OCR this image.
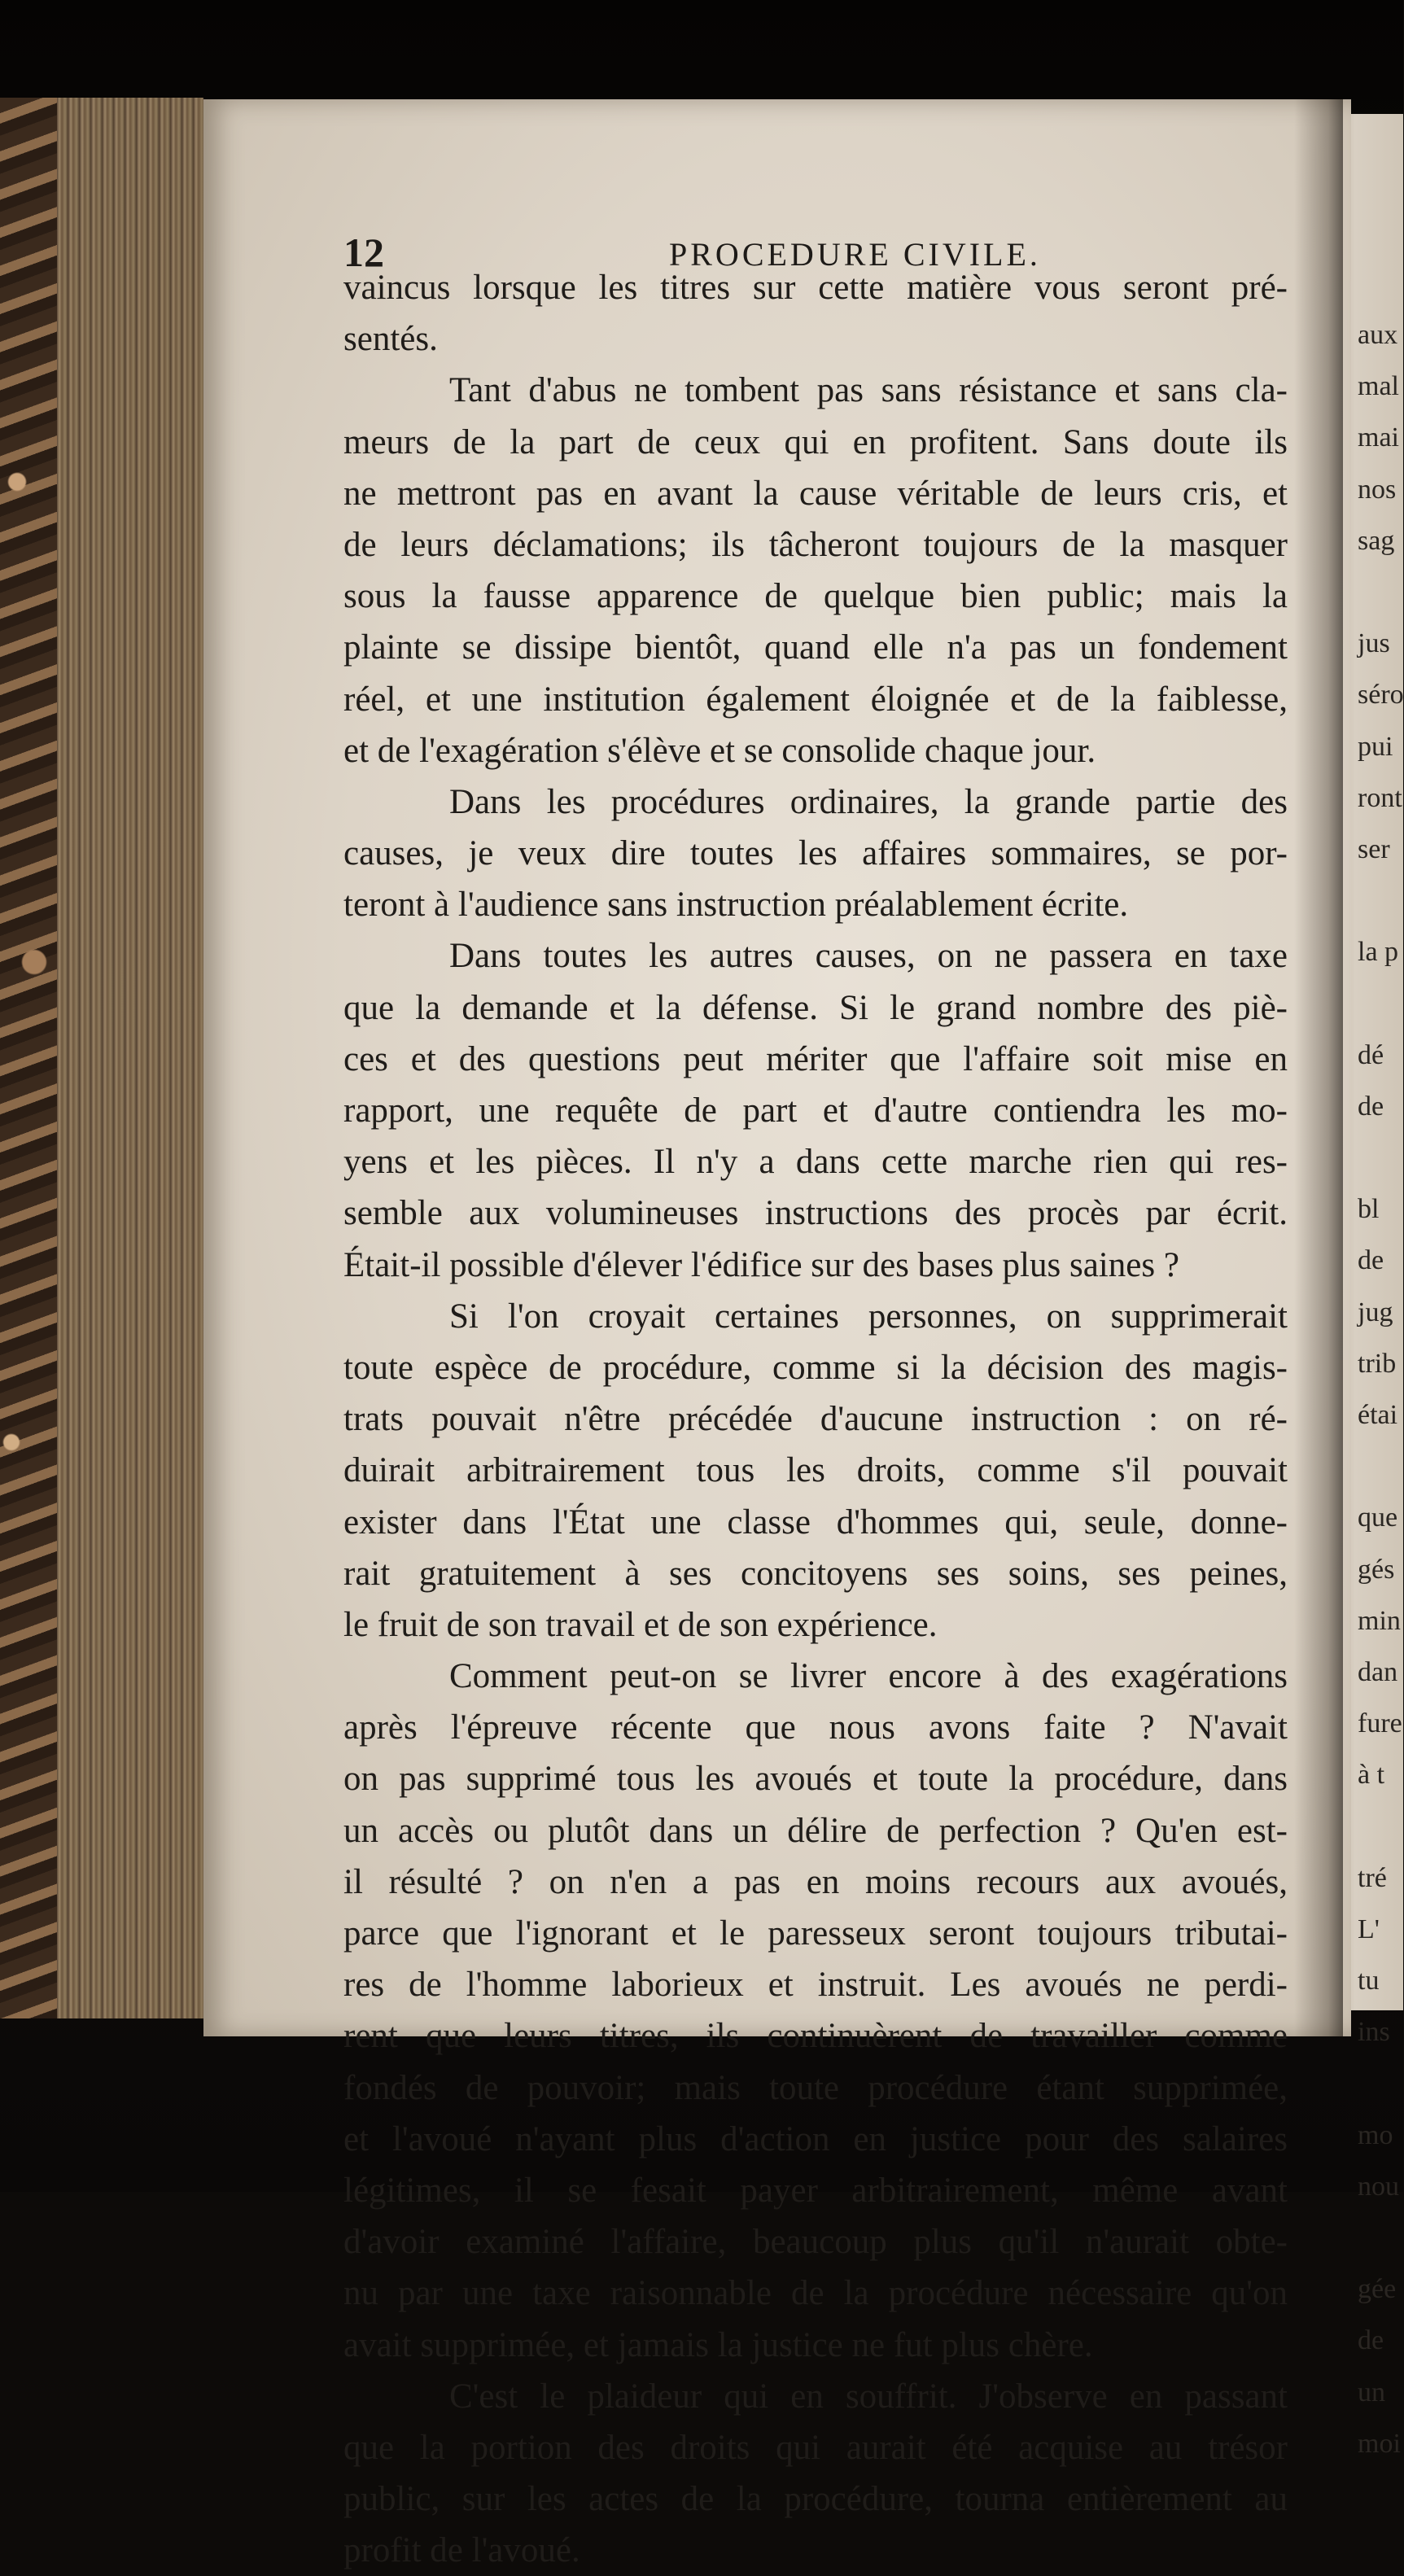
12	PROCEDURE CIVILE.
vaincus lorsque les titres sur cette matière vous seront pré-
sentés.
Tant d'abus ne tombent pas sans résistance et sans cla-
meurs de la part de ceux qui en profitent. Sans doute ils
ne mettront pas en avant la cause véritable de leurs cris, et
de leurs déclamations; ils tâcheront toujours de la masquer
sous la fausse apparence de quelque bien public; mais la
plainte se dissipe bientôt, quand elle n'a pas un fondement
réel, et une institution également éloignée et de la faiblesse,
et de l'exagération s'élève et se consolide chaque jour.
Dans les procédures ordinaires, la grande partie des
causes, je veux dire toutes les affaires sommaires, se por-
teront à l'audience sans instruction préalablement écrite.
Dans toutes les autres causes, on ne passera en taxe
que la demande et la défense. Si le grand nombre des piè-
ces et des questions peut mériter que l'affaire soit mise en
rapport, une requête de part et d'autre contiendra les mo-
yens et les pièces. Il n'y a dans cette marche rien qui res-
semble aux volumineuses instructions des procès par écrit.
Était-il possible d'élever l'édifice sur des bases plus saines ?
Si l'on croyait certaines personnes, on supprimerait
toute espèce de procédure, comme si la décision des magis-
trats pouvait n'être précédée d'aucune instruction : on ré-
duirait arbitrairement tous les droits, comme s'il pouvait
exister dans l'État une classe d'hommes qui, seule, donne-
rait gratuitement à ses concitoyens ses soins, ses peines,
le fruit de son travail et de son expérience.
Comment peut-on se livrer encore à des exagérations
après l'épreuve récente que nous avons faite ? N'avait
on pas supprimé tous les avoués et toute la procédure, dans
un accès ou plutôt dans un délire de perfection ? Qu'en est-
il résulté ? on n'en a pas en moins recours aux avoués,
parce que l'ignorant et le paresseux seront toujours tributai-
res de l'homme laborieux et instruit. Les avoués ne perdi-
rent que leurs titres, ils continuèrent de travailler comme
fondés de pouvoir; mais toute procédure étant supprimée,
et l'avoué n'ayant plus d'action en justice pour des salaires
légitimes, il se fesait payer arbitrairement, même avant
d'avoir examiné l'affaire, beaucoup plus qu'il n'aurait obte-
nu par une taxe raisonnable de la procédure nécessaire qu'on
avait supprimée, et jamais la justice ne fut plus chère.
C'est le plaideur qui en souffrit. J'observe en passant
que la portion des droits qui aurait été acquise au trésor
public, sur les actes de la procédure, tourna entièrement au
profit de l'avoué.
aux
mal
mai
nos
sag
jus
séro
pui
ront
ser
la p
dé
de
bl
de
jug
trib
étai
que
gés
min
dan
fure
à t
tré
L'
tu
ins
mo
nou
gée
de
un
moi
